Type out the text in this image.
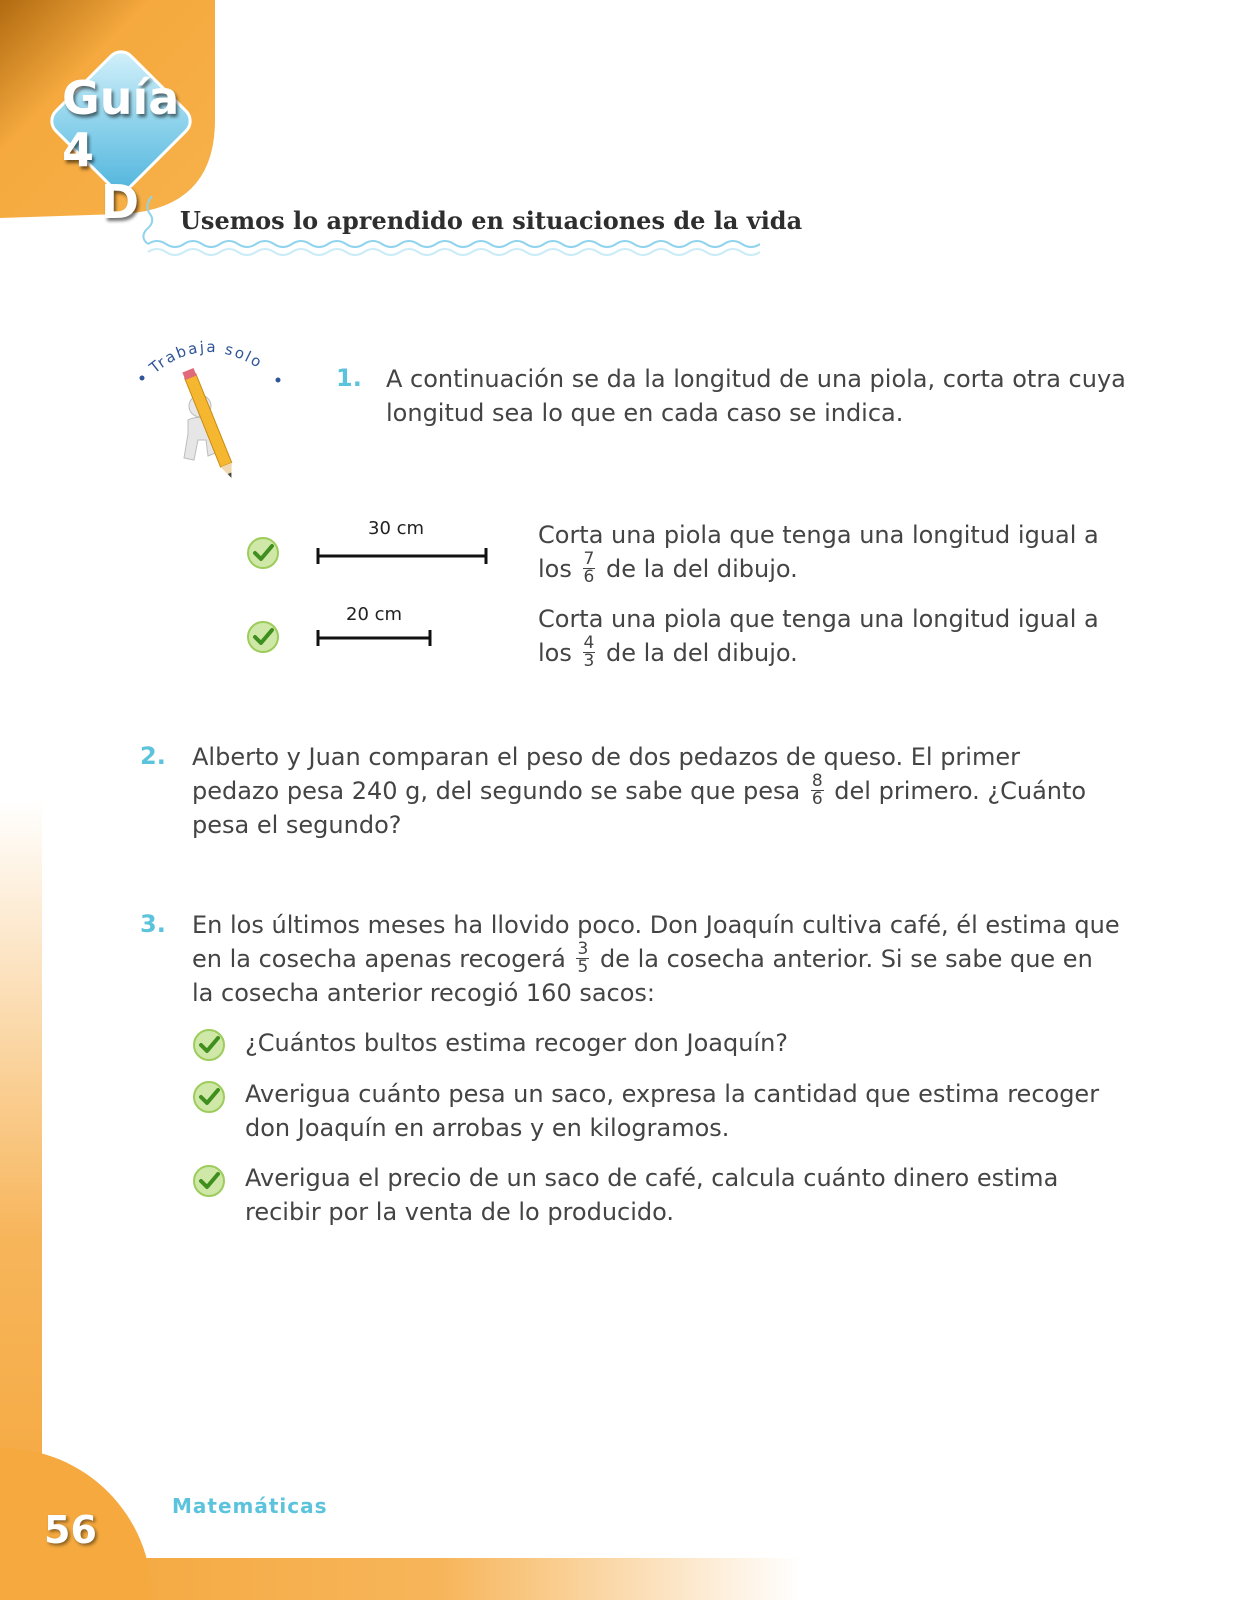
Guía 4
D	Usemos lo aprendido en situaciones de la vida
Trabaja solo
1. A continuación se da la longitud de una piola, corta otra cuya
longitud sea lo que en cada caso se indica.
30 cm	Corta una piola que tenga una longitud igual a
los $\frac{7}{6}$ de la del dibujo.
20 cm	Corta una piola que tenga una longitud igual a
los $\frac{4}{3}$ de la del dibujo.
2. Alberto y Juan comparan el peso de dos pedazos de queso. El primer
pedazo pesa 240 g, del segundo se sabe que pesa $\frac{8}{6}$ del primero. ¿Cuánto
pesa el segundo?
3. En los últimos meses ha llovido poco. Don Joaquín cultiva café, él estima que
en la cosecha apenas recogerá $\frac{3}{5}$ de la cosecha anterior. Si se sabe que en
la cosecha anterior recogió 160 sacos:
¿Cuántos bultos estima recoger don Joaquín?
Averigua cuánto pesa un saco, expresa la cantidad que estima recoger
don Joaquín en arrobas y en kilogramos.
Averigua el precio de un saco de café, calcula cuánto dinero estima
recibir por la venta de lo producido.
Matemáticas
56
